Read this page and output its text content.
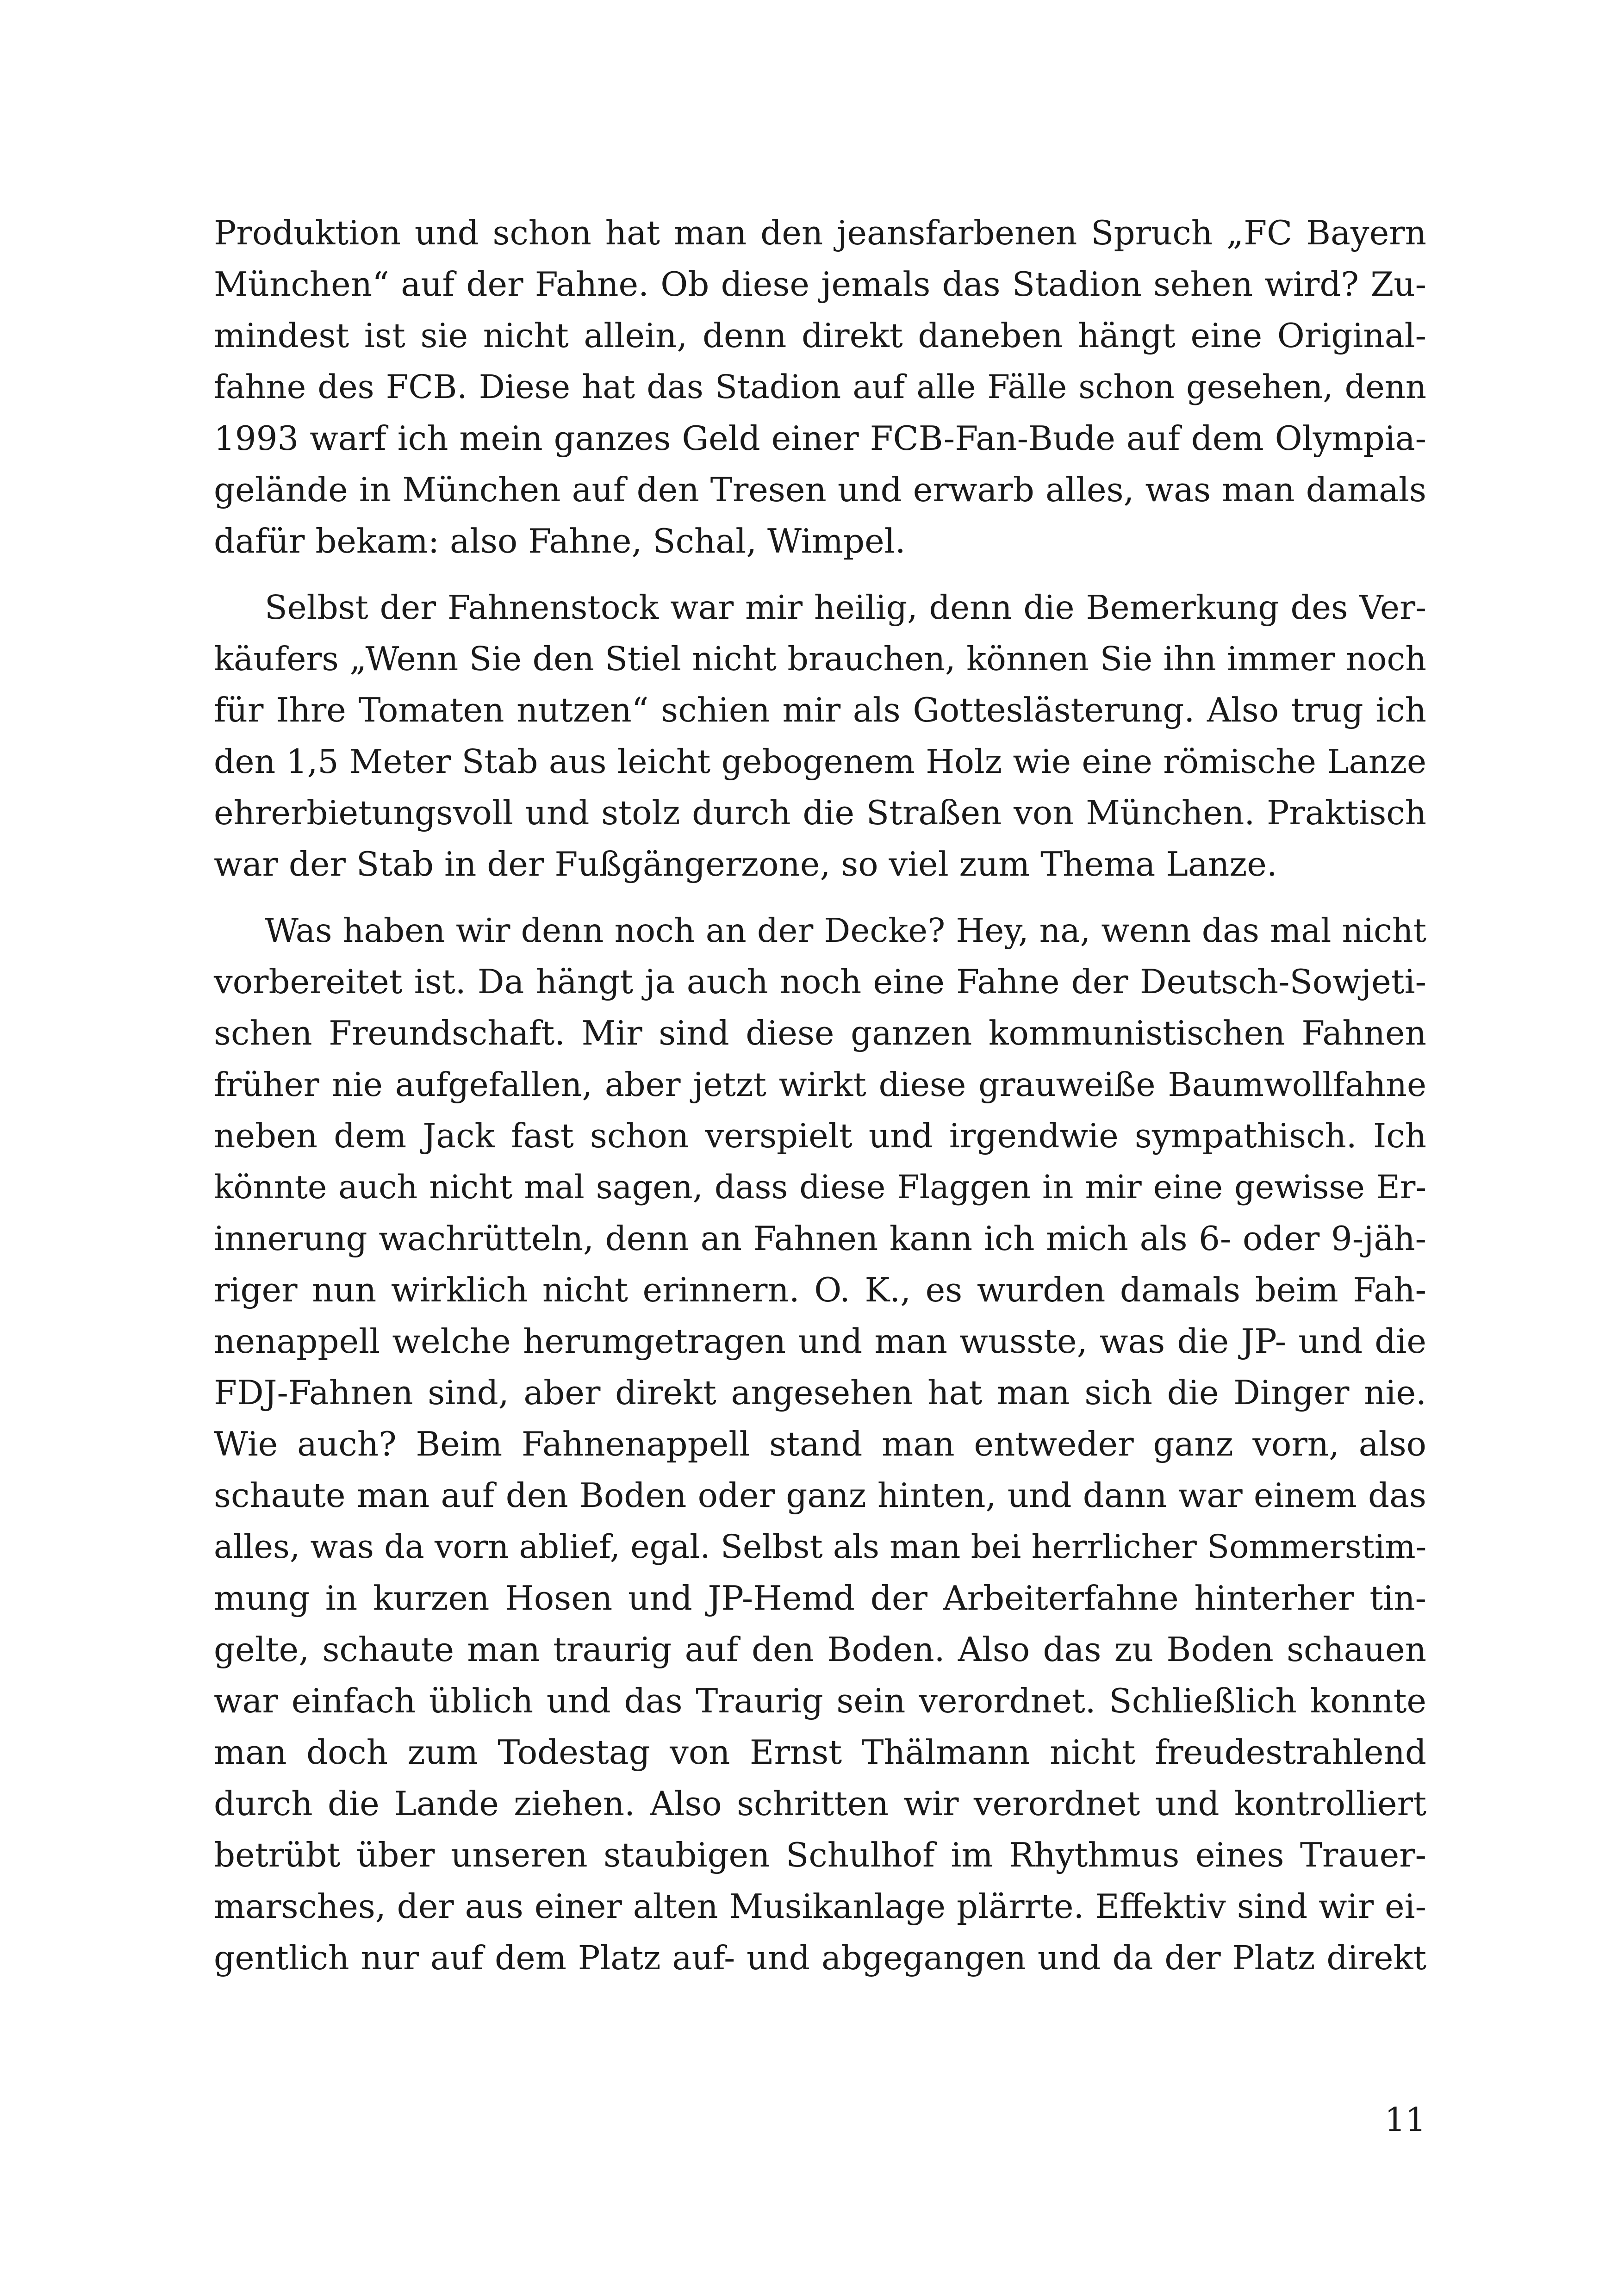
Produktion und schon hat man den jeansfarbenen Spruch „FC Bayern
München“ auf der Fahne. Ob diese jemals das Stadion sehen wird? Zu-
mindest ist sie nicht allein, denn direkt daneben hängt eine Original-
fahne des FCB. Diese hat das Stadion auf alle Fälle schon gesehen, denn
1993 warf ich mein ganzes Geld einer FCB-Fan-Bude auf dem Olympia-
gelände in München auf den Tresen und erwarb alles, was man damals
dafür bekam: also Fahne, Schal, Wimpel.
Selbst der Fahnenstock war mir heilig, denn die Bemerkung des Ver-
käufers „Wenn Sie den Stiel nicht brauchen, können Sie ihn immer noch
für Ihre Tomaten nutzen“ schien mir als Gotteslästerung. Also trug ich
den 1,5 Meter Stab aus leicht gebogenem Holz wie eine römische Lanze
ehrerbietungsvoll und stolz durch die Straßen von München. Praktisch
war der Stab in der Fußgängerzone, so viel zum Thema Lanze.
Was haben wir denn noch an der Decke? Hey, na, wenn das mal nicht
vorbereitet ist. Da hängt ja auch noch eine Fahne der Deutsch-Sowjeti-
schen Freundschaft. Mir sind diese ganzen kommunistischen Fahnen
früher nie aufgefallen, aber jetzt wirkt diese grauweiße Baumwollfahne
neben dem Jack fast schon verspielt und irgendwie sympathisch. Ich
könnte auch nicht mal sagen, dass diese Flaggen in mir eine gewisse Er-
innerung wachrütteln, denn an Fahnen kann ich mich als 6- oder 9-jäh-
riger nun wirklich nicht erinnern. O. K., es wurden damals beim Fah-
nenappell welche herumgetragen und man wusste, was die JP- und die
FDJ-Fahnen sind, aber direkt angesehen hat man sich die Dinger nie.
Wie auch? Beim Fahnenappell stand man entweder ganz vorn, also
schaute man auf den Boden oder ganz hinten, und dann war einem das
alles, was da vorn ablief, egal. Selbst als man bei herrlicher Sommerstim-
mung in kurzen Hosen und JP-Hemd der Arbeiterfahne hinterher tin-
gelte, schaute man traurig auf den Boden. Also das zu Boden schauen
war einfach üblich und das Traurig sein verordnet. Schließlich konnte
man doch zum Todestag von Ernst Thälmann nicht freudestrahlend
durch die Lande ziehen. Also schritten wir verordnet und kontrolliert
betrübt über unseren staubigen Schulhof im Rhythmus eines Trauer-
marsches, der aus einer alten Musikanlage plärrte. Effektiv sind wir ei-
gentlich nur auf dem Platz auf- und abgegangen und da der Platz direkt
11
